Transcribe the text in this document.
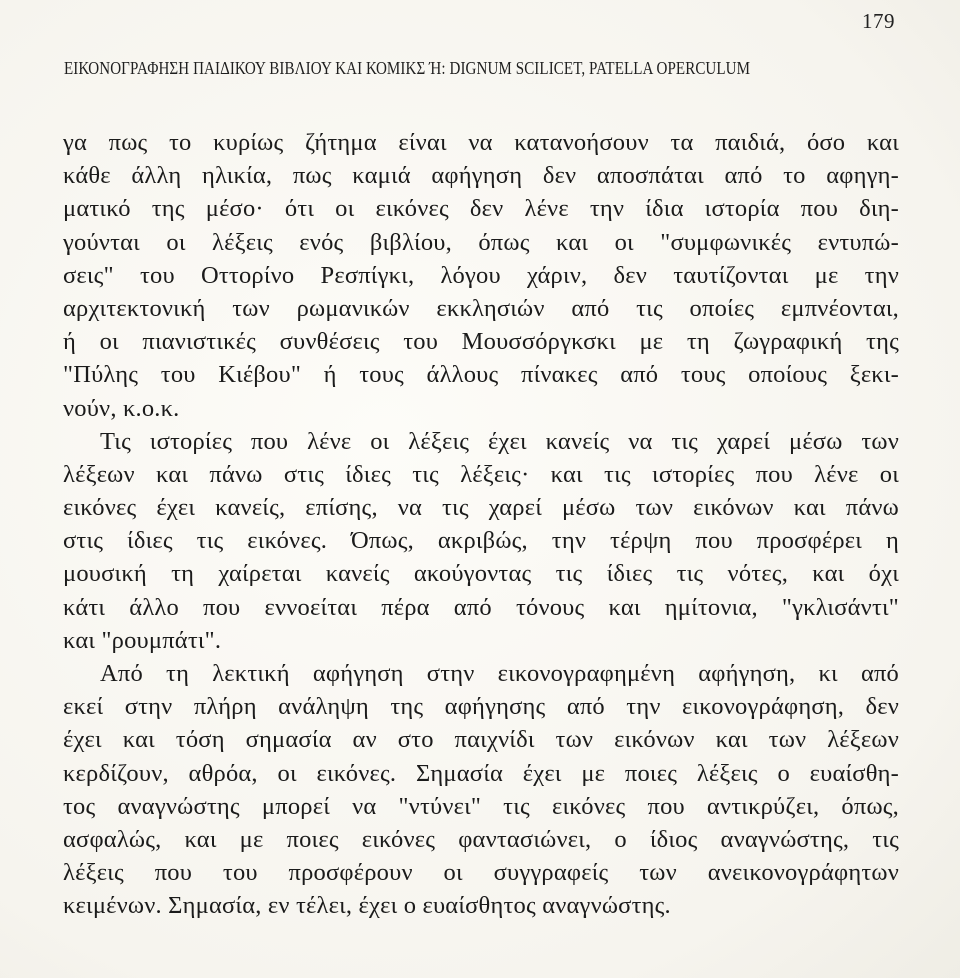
179
ΕΙΚΟΝΟΓΡΑΦΗΣΗ ΠΑΙΔΙΚΟΥ ΒΙΒΛΙΟΥ ΚΑΙ ΚΟΜΙΚΣ Ή: DIGNUM SCILICET, PATELLA OPERCULUM
γα πως το κυρίως ζήτημα είναι να κατανοήσουν τα παιδιά, όσο και
κάθε άλλη ηλικία, πως καμιά αφήγηση δεν αποσπάται από το αφηγη-
ματικό της μέσο· ότι οι εικόνες δεν λένε την ίδια ιστορία που διη-
γούνται οι λέξεις ενός βιβλίου, όπως και οι "συμφωνικές εντυπώ-
σεις" του Οττορίνο Ρεσπίγκι, λόγου χάριν, δεν ταυτίζονται με την
αρχιτεκτονική των ρωμανικών εκκλησιών από τις οποίες εμπνέονται,
ή οι πιανιστικές συνθέσεις του Μουσσόργκσκι με τη ζωγραφική της
"Πύλης του Κιέβου" ή τους άλλους πίνακες από τους οποίους ξεκι-
νούν, κ.ο.κ.
Τις ιστορίες που λένε οι λέξεις έχει κανείς να τις χαρεί μέσω των
λέξεων και πάνω στις ίδιες τις λέξεις· και τις ιστορίες που λένε οι
εικόνες έχει κανείς, επίσης, να τις χαρεί μέσω των εικόνων και πάνω
στις ίδιες τις εικόνες. Όπως, ακριβώς, την τέρψη που προσφέρει η
μουσική τη χαίρεται κανείς ακούγοντας τις ίδιες τις νότες, και όχι
κάτι άλλο που εννοείται πέρα από τόνους και ημίτονια, "γκλισάντι"
και "ρουμπάτι".
Από τη λεκτική αφήγηση στην εικονογραφημένη αφήγηση, κι από
εκεί στην πλήρη ανάληψη της αφήγησης από την εικονογράφηση, δεν
έχει και τόση σημασία αν στο παιχνίδι των εικόνων και των λέξεων
κερδίζουν, αθρόα, οι εικόνες. Σημασία έχει με ποιες λέξεις ο ευαίσθη-
τος αναγνώστης μπορεί να "ντύνει" τις εικόνες που αντικρύζει, όπως,
ασφαλώς, και με ποιες εικόνες φαντασιώνει, ο ίδιος αναγνώστης, τις
λέξεις που του προσφέρουν οι συγγραφείς των ανεικονογράφητων
κειμένων. Σημασία, εν τέλει, έχει ο ευαίσθητος αναγνώστης.
